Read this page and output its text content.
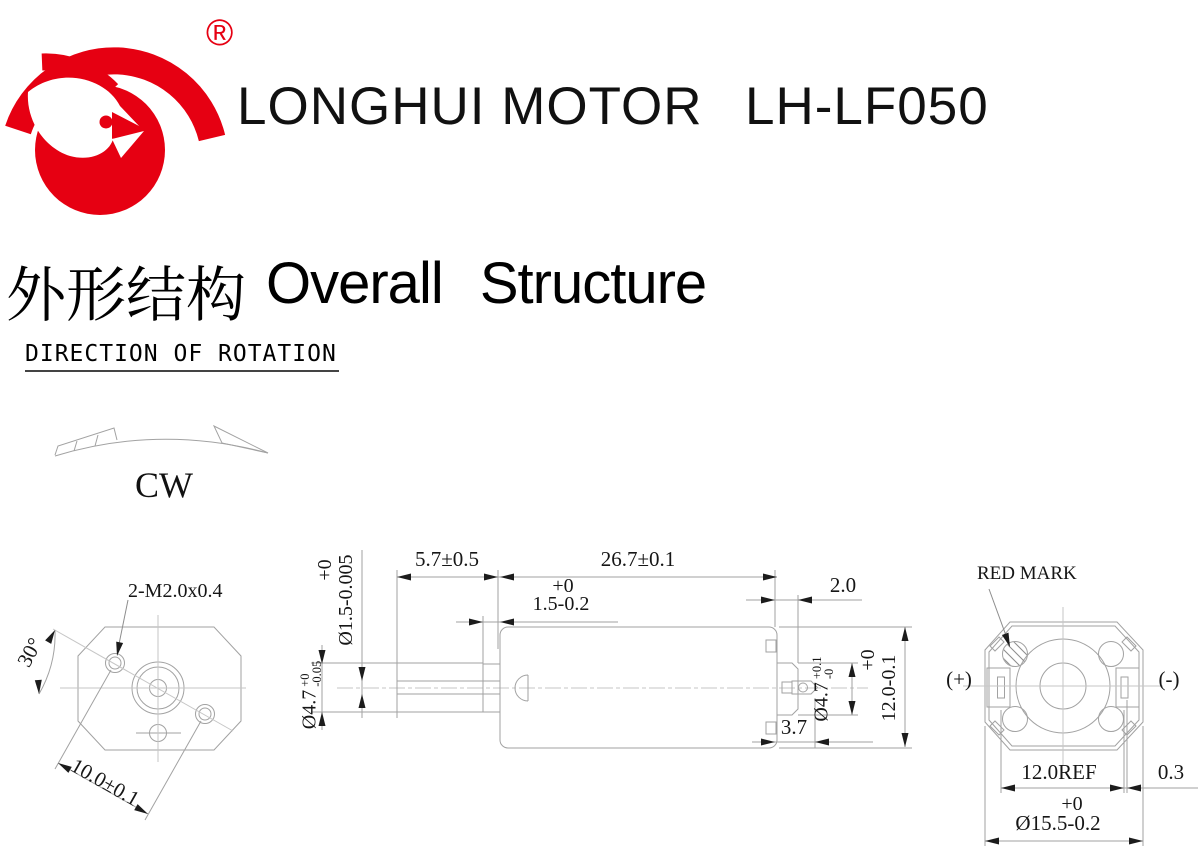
®
LONGHUI MOTOR LH-LF050
外形结构 Overall Structure
DIRECTION OF ROTATION
CW
2-M2.0x0.4
30°
10.0±0.1
5.7±0.5	26.7±0.1
+0
1.5-0.2
+0 Ø1.5-0.005
Ø4.7
+0
-0.05
2.0
Ø4.7
+0.1
-0
3.7
+0 12.0-0.1
RED MARK
(+)	(-)
12.0REF	0.3
+0
Ø15.5-0.2
